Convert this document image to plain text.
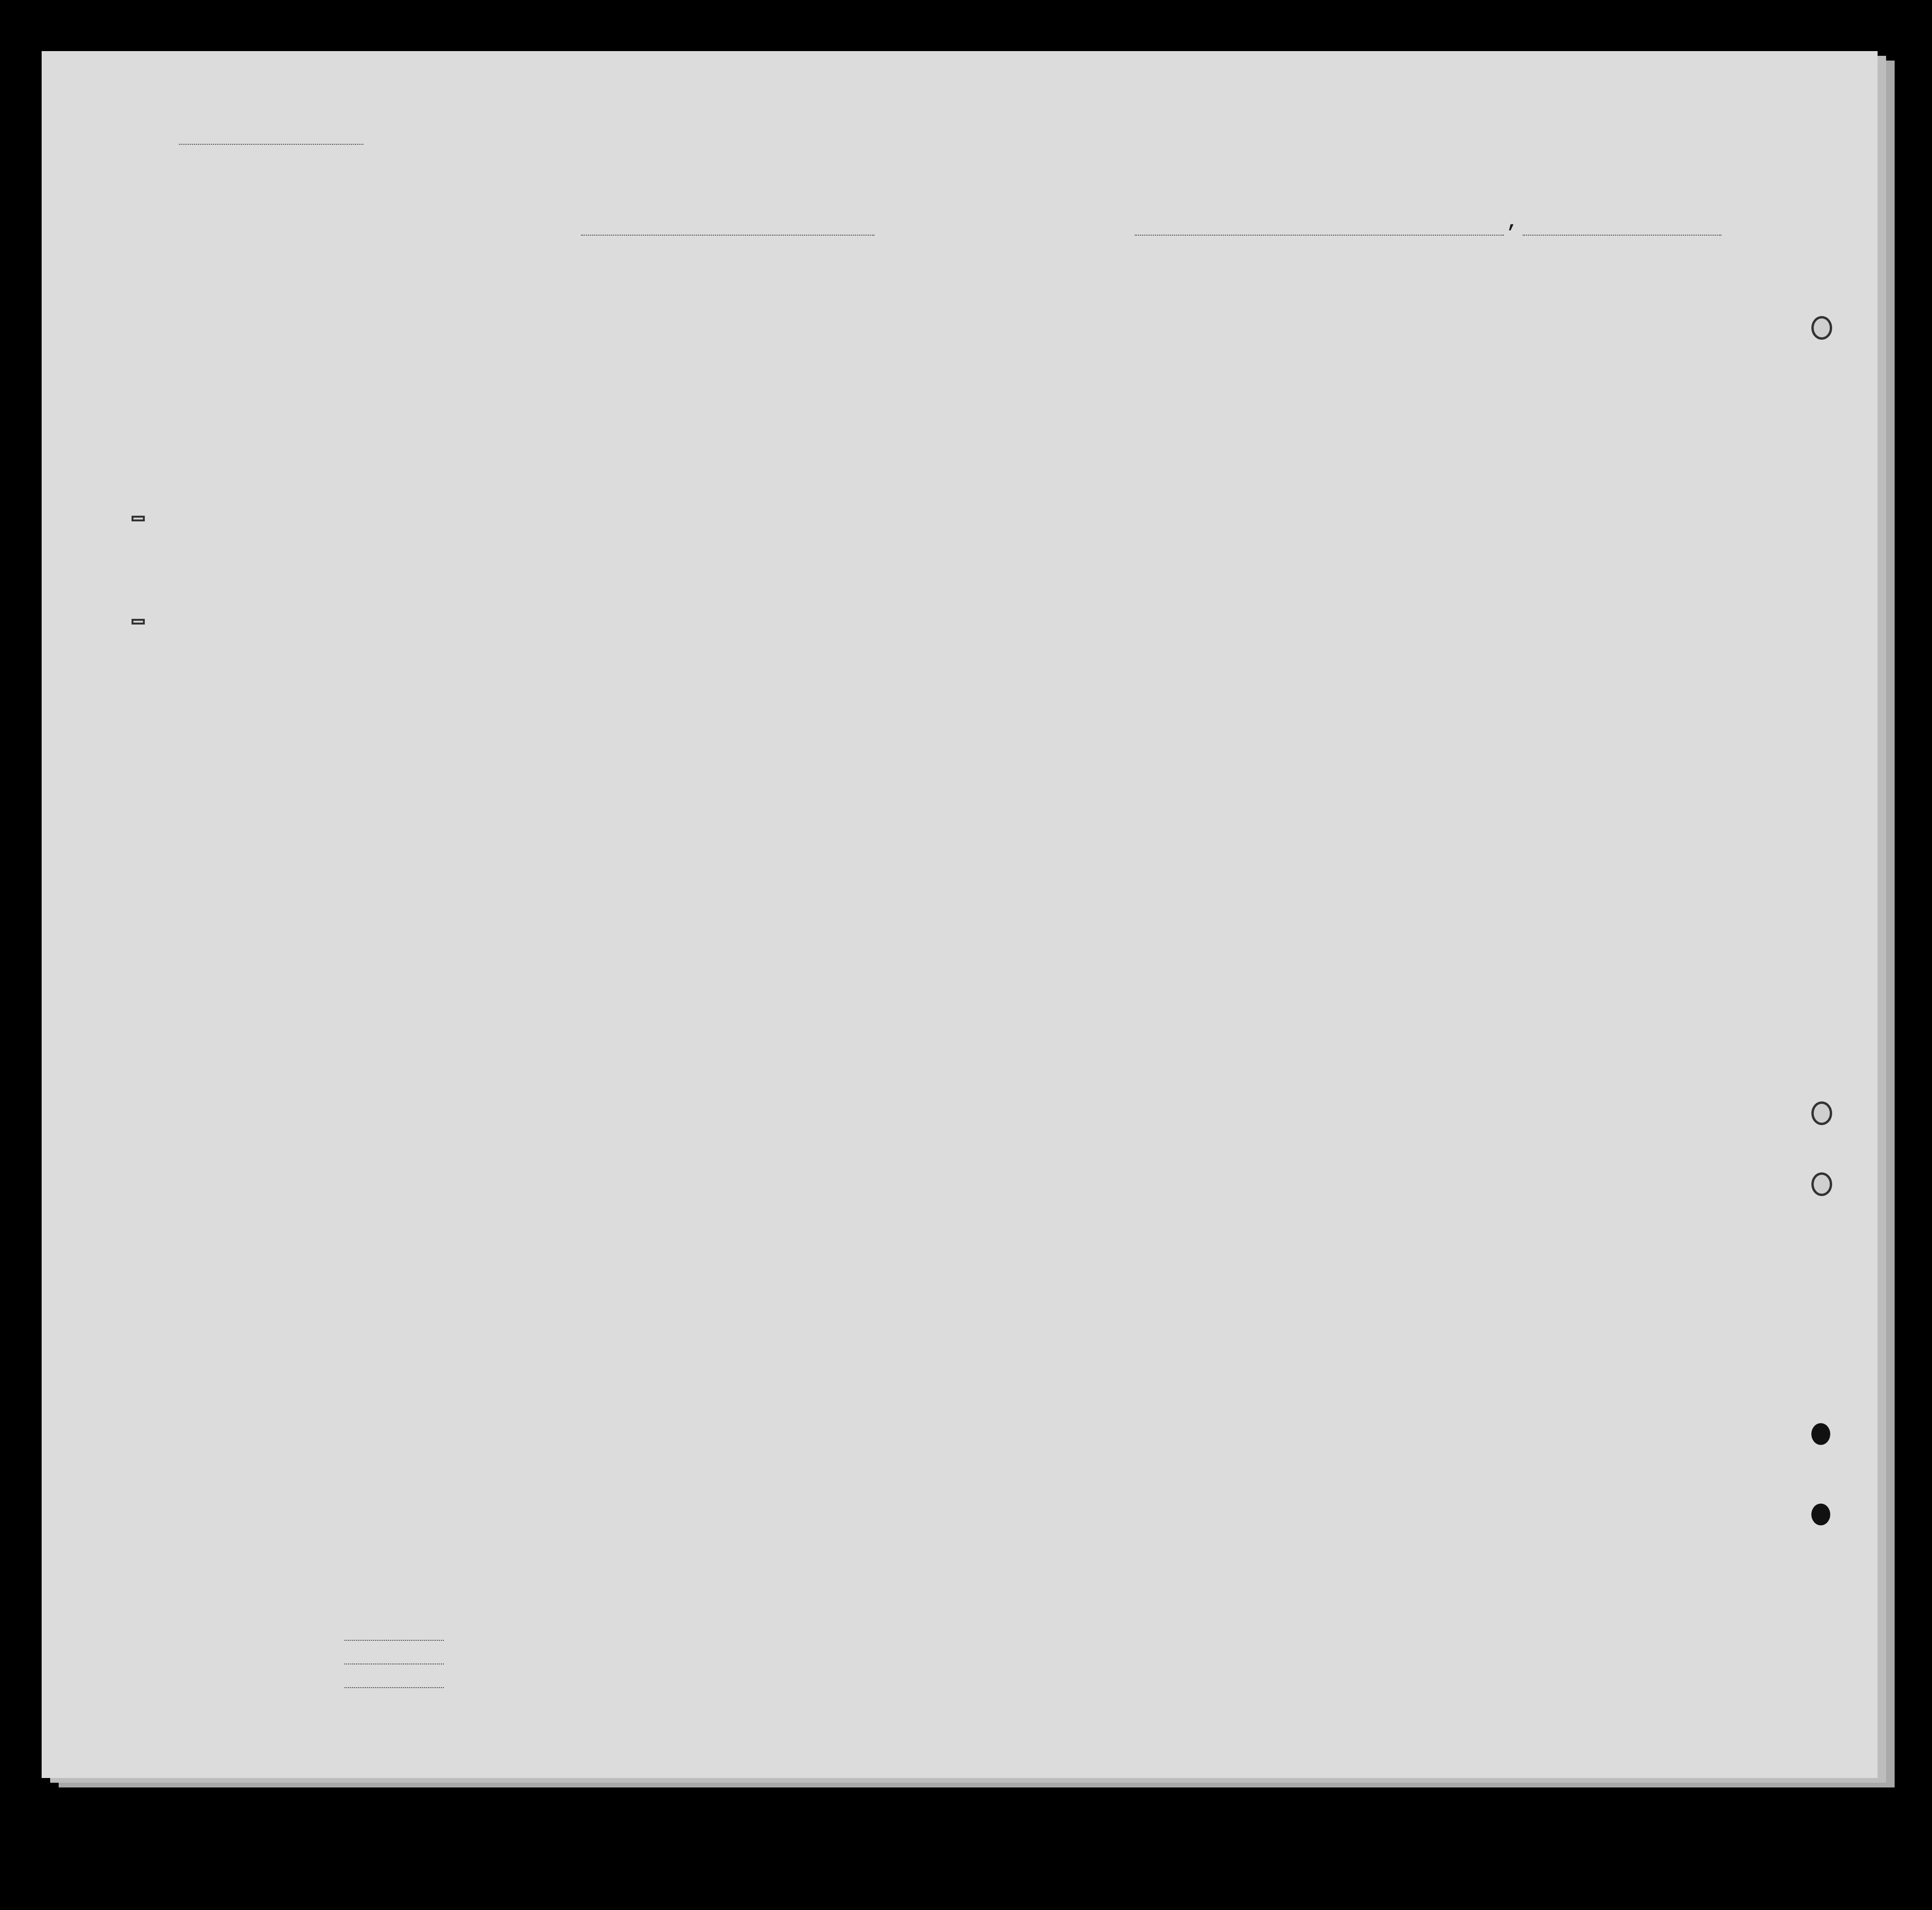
,
